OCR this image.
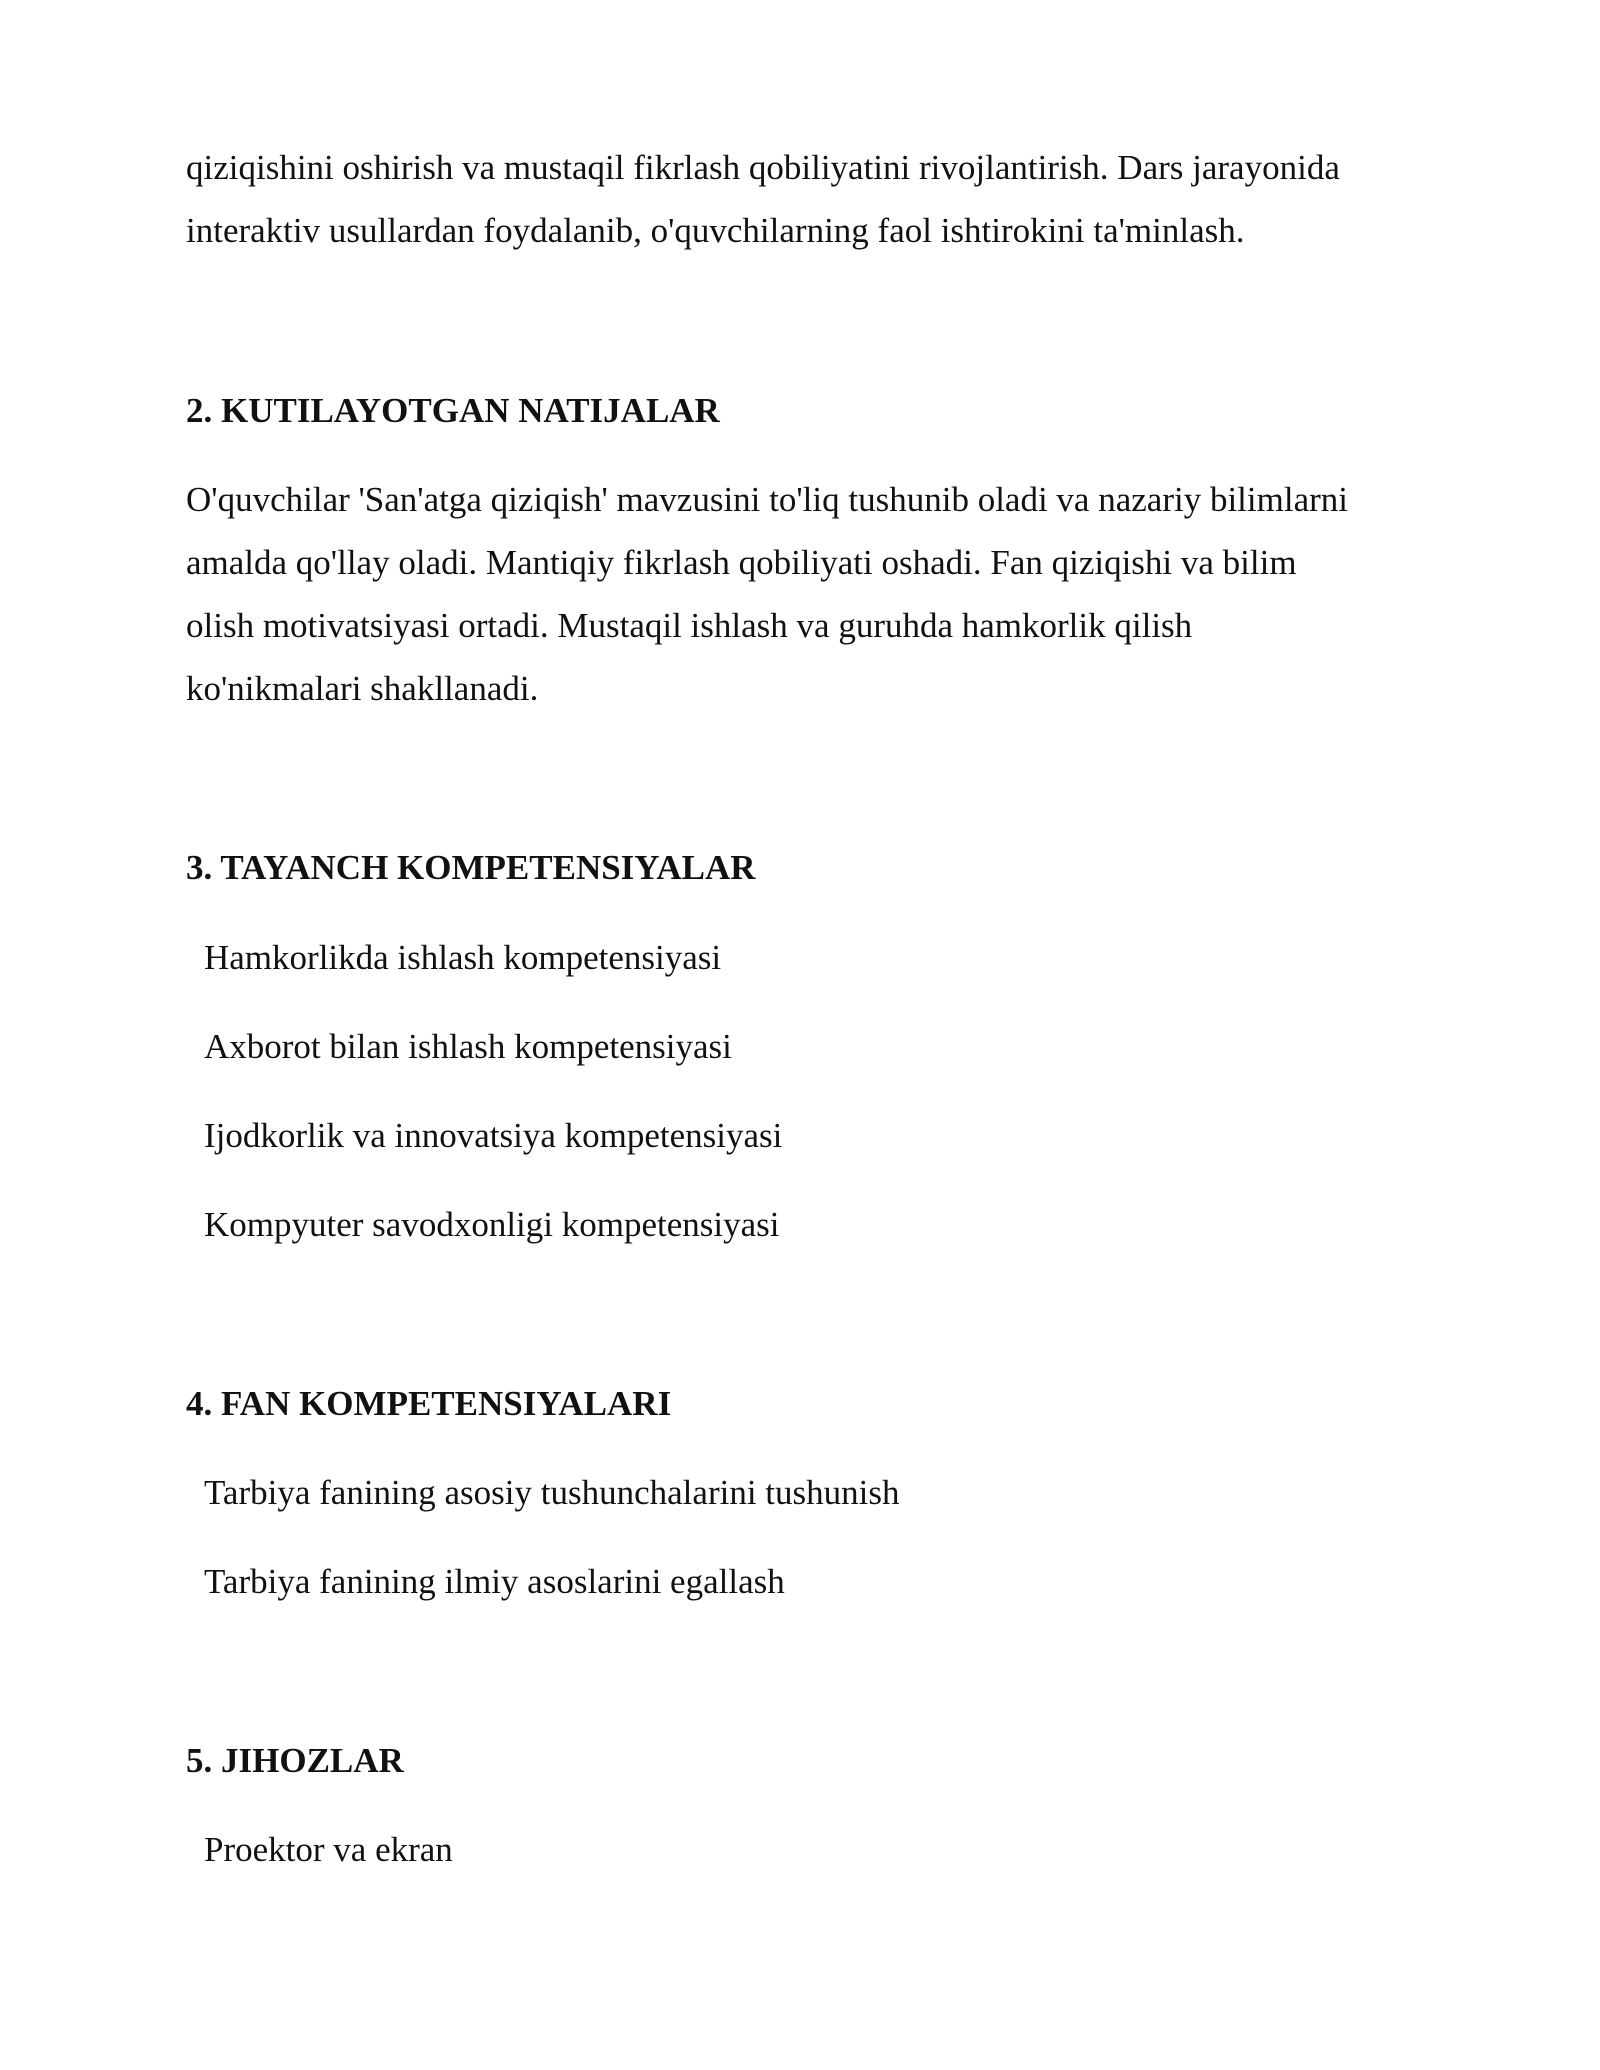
qiziqishini oshirish va mustaqil fikrlash qobiliyatini rivojlantirish. Dars jarayonida
interaktiv usullardan foydalanib, o'quvchilarning faol ishtirokini ta'minlash.

2. KUTILAYOTGAN NATIJALAR

O'quvchilar 'San'atga qiziqish' mavzusini to'liq tushunib oladi va nazariy bilimlarni
amalda qo'llay oladi. Mantiqiy fikrlash qobiliyati oshadi. Fan qiziqishi va bilim
olish motivatsiyasi ortadi. Mustaqil ishlash va guruhda hamkorlik qilish
ko'nikmalari shakllanadi.

3. TAYANCH KOMPETENSIYALAR

Hamkorlikda ishlash kompetensiyasi

Axborot bilan ishlash kompetensiyasi

Ijodkorlik va innovatsiya kompetensiyasi

Kompyuter savodxonligi kompetensiyasi

4. FAN KOMPETENSIYALARI

Tarbiya fanining asosiy tushunchalarini tushunish

Tarbiya fanining ilmiy asoslarini egallash

5. JIHOZLAR

Proektor va ekran
